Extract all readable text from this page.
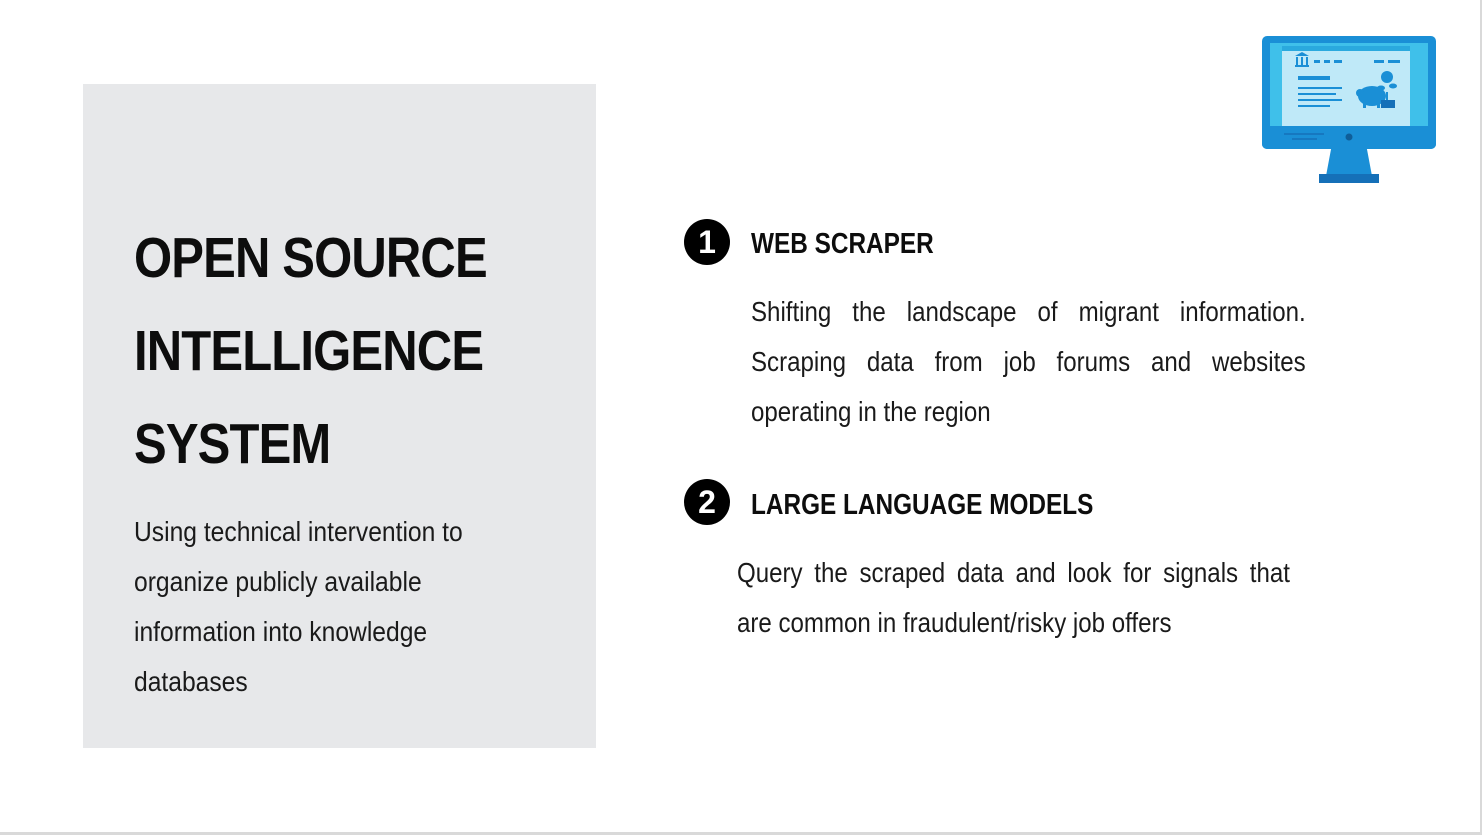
OPEN SOURCE
INTELLIGENCE
SYSTEM

Using technical intervention to organize publicly available information into knowledge databases

1	WEB SCRAPER

Shifting the landscape of migrant information. Scraping data from job forums and websites operating in the region

2	LARGE LANGUAGE MODELS

Query the scraped data and look for signals that are common in fraudulent/risky job offers
